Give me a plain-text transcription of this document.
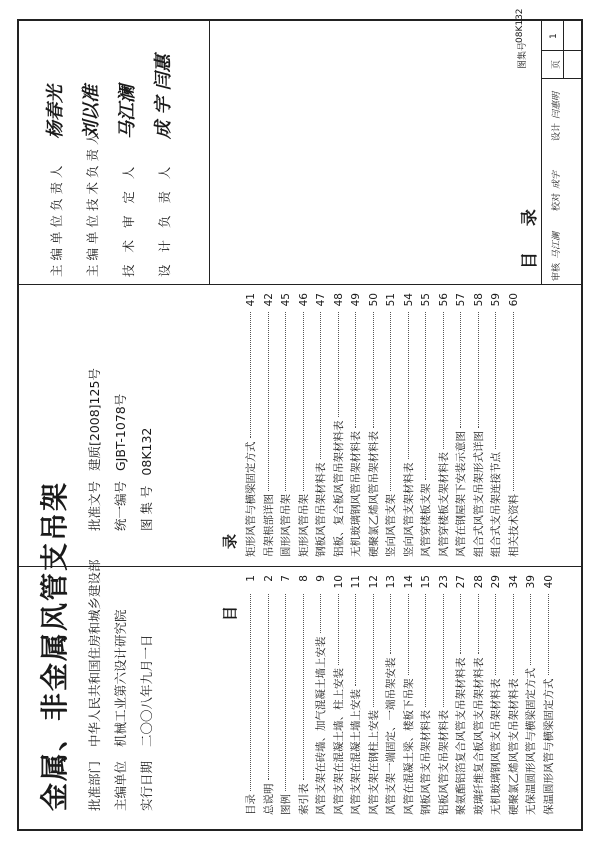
金属、非金属风管支吊架 批准部门 中华人民共和国住房和城乡建设部 批准文号 建质[2008]125号
主编单位 机械工业第六设计研究院 统一编号 GJBT-1078号
实行日期 二〇〇八年九月一日 图 集 号 08K132
目
录
目录
1
总说明
2
图例
7
索引表
8
风管支架在砖墙、加气混凝土墙上安装
9
风管支架在混凝土墙、柱上安装
10
风管支架在混凝土墙上安装
11
风管支架在钢柱上安装
12
风管支架一端固定、一端吊架安装
13
风管在混凝土梁、楼板下吊架
14
钢板风管支吊架材料表
15
铝板风管支吊架材料表
23
聚氨酯铝箔复合风管支吊架材料表
27
玻璃纤维复合板风管支吊架材料表
28
无机玻璃钢风管支吊架材料表
29
硬聚氯乙烯风管支吊架材料表
34
无保温圆形风管与横梁固定方式
39
保温圆形风管与横梁固定方式
40
矩形风管与横梁固定方式
41
吊架根部详图
42
圆形风管吊架
45
矩形风管吊架
46
钢板风管吊架材料表
47
铝板、复合板风管吊架材料表
48
无机玻璃钢风管吊架材料表
49
硬聚氯乙烯风管吊架材料表
50
竖向风管支架
51
竖向风管支架材料表
54
风管穿楼板支架
55
风管穿楼板支架材料表
56
风管在钢屋架下安装示意图
57
组合式风管支吊架形式详图
58
组合式支吊架连接节点
59
相关技术资料
60
目 录
主编单位负责人
杨春光
主编单位技术负责人
刘以准
技 术 审 定 人
马江澜
设 计 负 责 人
成 宇 闫惠
审核
马江澜
校对
成宇
设计
闫惠明
图集号
08K132
页
1
